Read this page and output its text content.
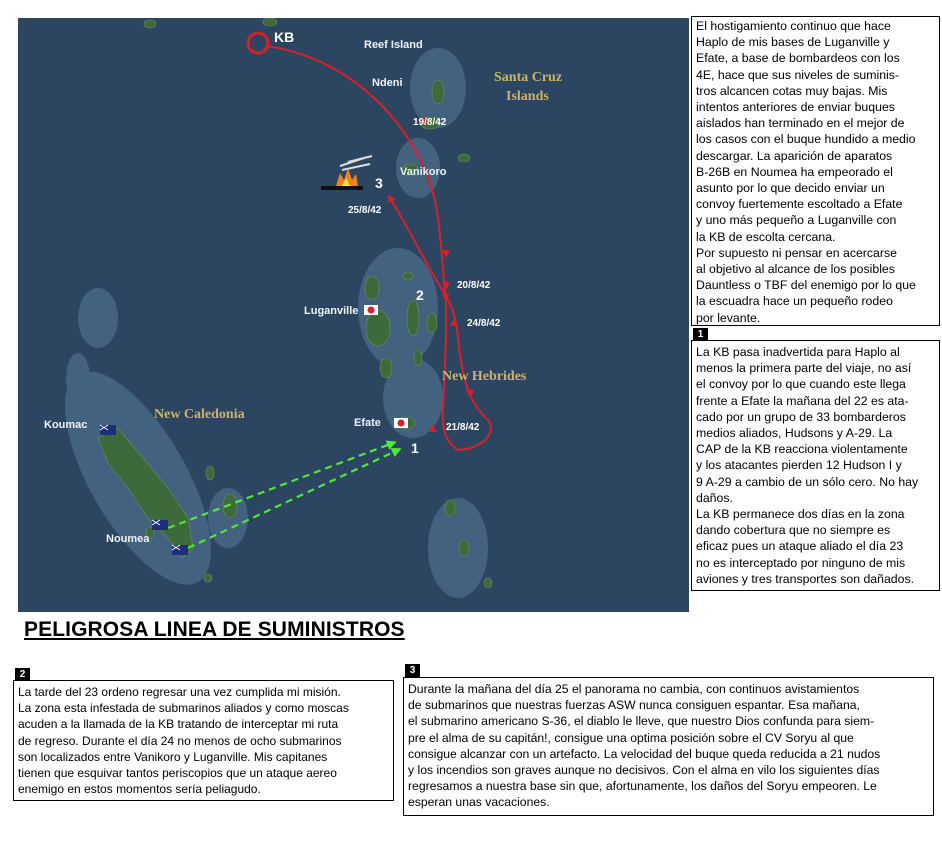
KB
Santa Cruz
Islands
New Hebrides
New Caledonia
Reef Island
Ndeni
Vanikoro
Luganville
Efate
Koumac
Noumea
19/8/42
25/8/42
20/8/42
24/8/42
21/8/42
1
2
3
El hostigamiento continuo que hace
Haplo de mis bases de Luganville y
Efate, a base de bombardeos con los
4E, hace que sus niveles de suminis-
tros alcancen cotas muy bajas. Mis
intentos anteriores de enviar buques
aislados han terminado en el mejor de
los casos con el buque hundido a medio
descargar. La aparición de aparatos
B-26B en Noumea ha empeorado el
asunto por lo que decido enviar un
convoy fuertemente escoltado a Efate
y uno más pequeño a Luganville con
la KB de escolta cercana.
Por supuesto ni pensar en acercarse
al objetivo al alcance de los posibles
Dauntless o TBF del enemigo por lo que
la escuadra hace un pequeño rodeo
por levante.
1
La KB pasa inadvertida para Haplo al
menos la primera parte del viaje, no así
el convoy por lo que cuando este llega
frente a Efate la mañana del 22 es ata-
cado por un grupo de 33 bombarderos
medios aliados, Hudsons y A-29. La
CAP de la KB reacciona violentamente
y los atacantes pierden 12 Hudson I y
9 A-29 a cambio de un sólo cero. No hay
daños.
La KB permanece dos días en la zona
dando cobertura que no siempre es
eficaz pues un ataque aliado el día 23
no es interceptado por ninguno de mis
aviones y tres transportes son dañados.
PELIGROSA LINEA DE SUMINISTROS
2
La tarde del 23 ordeno regresar una vez cumplida mi misión.
La zona esta infestada de submarinos aliados y como moscas
acuden a la llamada de la KB tratando de interceptar mi ruta
de regreso. Durante el día 24 no menos de ocho submarinos
son localizados entre Vanikoro y Luganville. Mis capitanes
tienen que esquivar tantos periscopios que un ataque aereo
enemigo en estos momentos sería peliagudo.
3
Durante la mañana del día 25 el panorama no cambia, con continuos avistamientos
de submarinos que nuestras fuerzas ASW nunca consiguen espantar. Esa mañana,
el submarino americano S-36, el diablo le lleve, que nuestro Dios confunda para siem-
pre el alma de su capitán!, consigue una optima posición sobre el CV Soryu al que
consigue alcanzar con un artefacto. La velocidad del buque queda reducida a 21 nudos
y los incendios son graves aunque no decisivos. Con el alma en vilo los siguientes días
regresamos a nuestra base sin que, afortunamente, los daños del Soryu empeoren. Le
esperan unas vacaciones.
